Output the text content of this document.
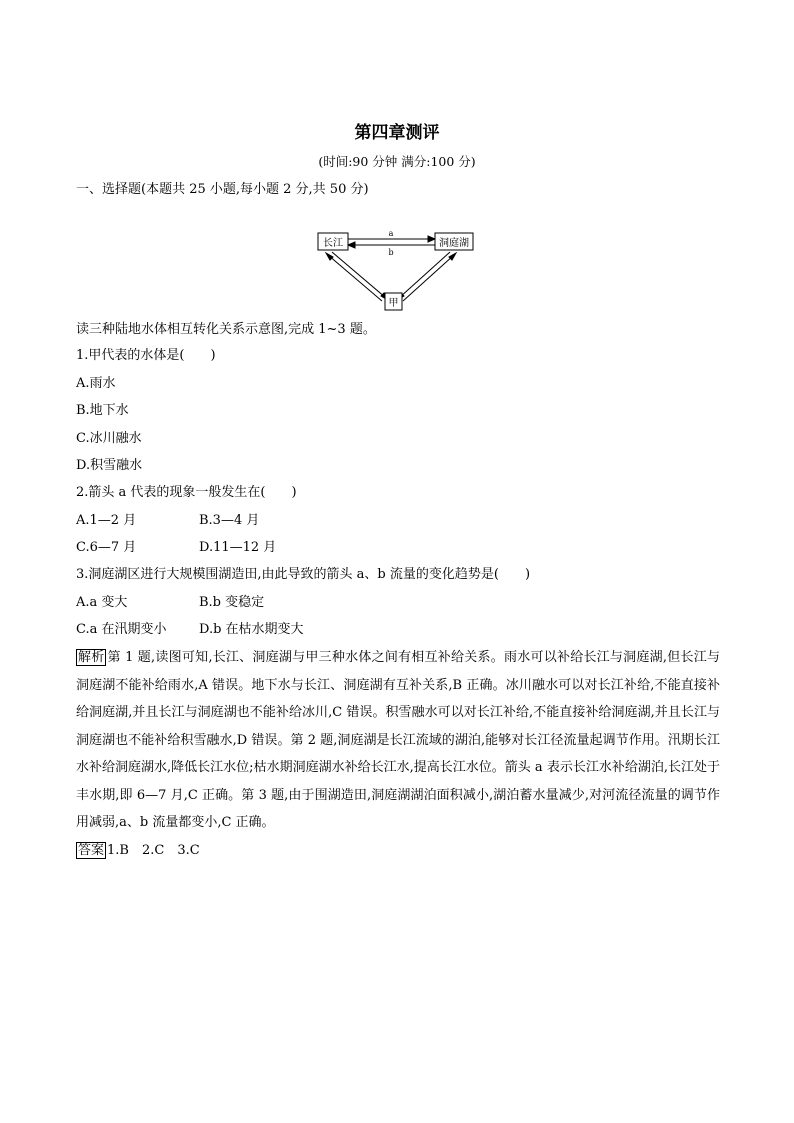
第四章测评
(时间:90 分钟 满分:100 分)
一、选择题(本题共 25 小题,每小题 2 分,共 50 分)
长江	洞庭湖
甲
a
b
读三种陆地水体相互转化关系示意图,完成 1~3 题。
1.甲代表的水体是(　　)
A.雨水
B.地下水
C.冰川融水
D.积雪融水
2.箭头 a 代表的现象一般发生在(　　)
A.1—2 月	B.3—4 月
C.6—7 月	D.11—12 月
3.洞庭湖区进行大规模围湖造田,由此导致的箭头 a、b 流量的变化趋势是(　　)
A.a 变大	B.b 变稳定
C.a 在汛期变小	D.b 在枯水期变大
解析 第 1 题,读图可知,长江、洞庭湖与甲三种水体之间有相互补给关系。雨水可以补给长江与洞庭湖,但长江与洞庭湖不能补给雨水,A 错误。地下水与长江、洞庭湖有互补关系,B 正确。冰川融水可以对长江补给,不能直接补给洞庭湖,并且长江与洞庭湖也不能补给冰川,C 错误。积雪融水可以对长江补给,不能直接补给洞庭湖,并且长江与洞庭湖也不能补给积雪融水,D 错误。第 2 题,洞庭湖是长江流域的湖泊,能够对长江径流量起调节作用。汛期长江水补给洞庭湖水,降低长江水位;枯水期洞庭湖水补给长江水,提高长江水位。箭头 a 表示长江水补给湖泊,长江处于丰水期,即 6—7 月,C 正确。第 3 题,由于围湖造田,洞庭湖湖泊面积减小,湖泊蓄水量减少,对河流径流量的调节作用减弱,a、b 流量都变小,C 正确。
答案 1.B　2.C　3.C
